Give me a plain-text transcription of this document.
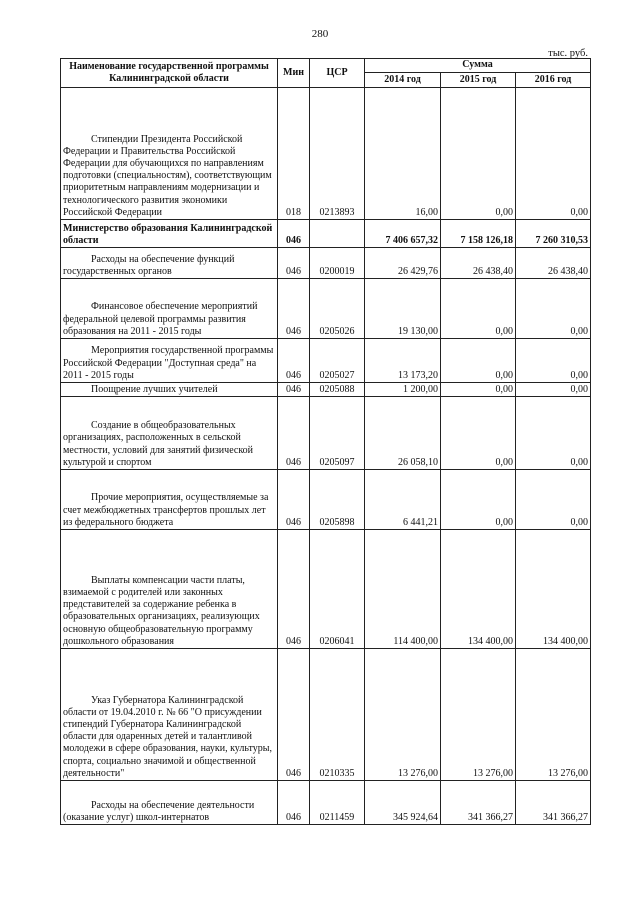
280
тыс. руб.
Наименование государственной программы Калининградской области	Мин	ЦСР	Сумма		
			2014 год	2015 год	2016 год
Стипендии Президента Российской Федерации и Правительства Российской Федерации для обучающихся по направлениям подготовки (специальностям), соответствующим приоритетным направлениям модернизации и технологического развития экономики Российской Федерации	018	0213893	16,00	0,00	0,00
Министерство образования Калининградской области	046		7 406 657,32	7 158 126,18	7 260 310,53
Расходы на обеспечение функций государственных органов	046	0200019	26 429,76	26 438,40	26 438,40
Финансовое обеспечение мероприятий федеральной целевой программы развития образования на 2011 - 2015 годы	046	0205026	19 130,00	0,00	0,00
Мероприятия государственной программы Российской Федерации "Доступная среда" на 2011 - 2015 годы	046	0205027	13 173,20	0,00	0,00
Поощрение лучших учителей	046	0205088	1 200,00	0,00	0,00
Создание в общеобразовательных организациях, расположенных в сельской местности, условий для занятий физической культурой и спортом	046	0205097	26 058,10	0,00	0,00
Прочие мероприятия, осуществляемые за счет межбюджетных трансфертов прошлых лет из федерального бюджета	046	0205898	6 441,21	0,00	0,00
Выплаты компенсации части платы, взимаемой с родителей или законных представителей за содержание ребенка в образовательных организациях, реализующих основную общеобразовательную программу дошкольного образования	046	0206041	114 400,00	134 400,00	134 400,00
Указ Губернатора Калининградской области от 19.04.2010 г. № 66 "О присуждении стипендий Губернатора Калининградской области для одаренных детей и талантливой молодежи в сфере образования, науки, культуры, спорта, социально значимой и общественной деятельности"	046	0210335	13 276,00	13 276,00	13 276,00
Расходы на обеспечение деятельности (оказание услуг) школ-интернатов	046	0211459	345 924,64	341 366,27	341 366,27
